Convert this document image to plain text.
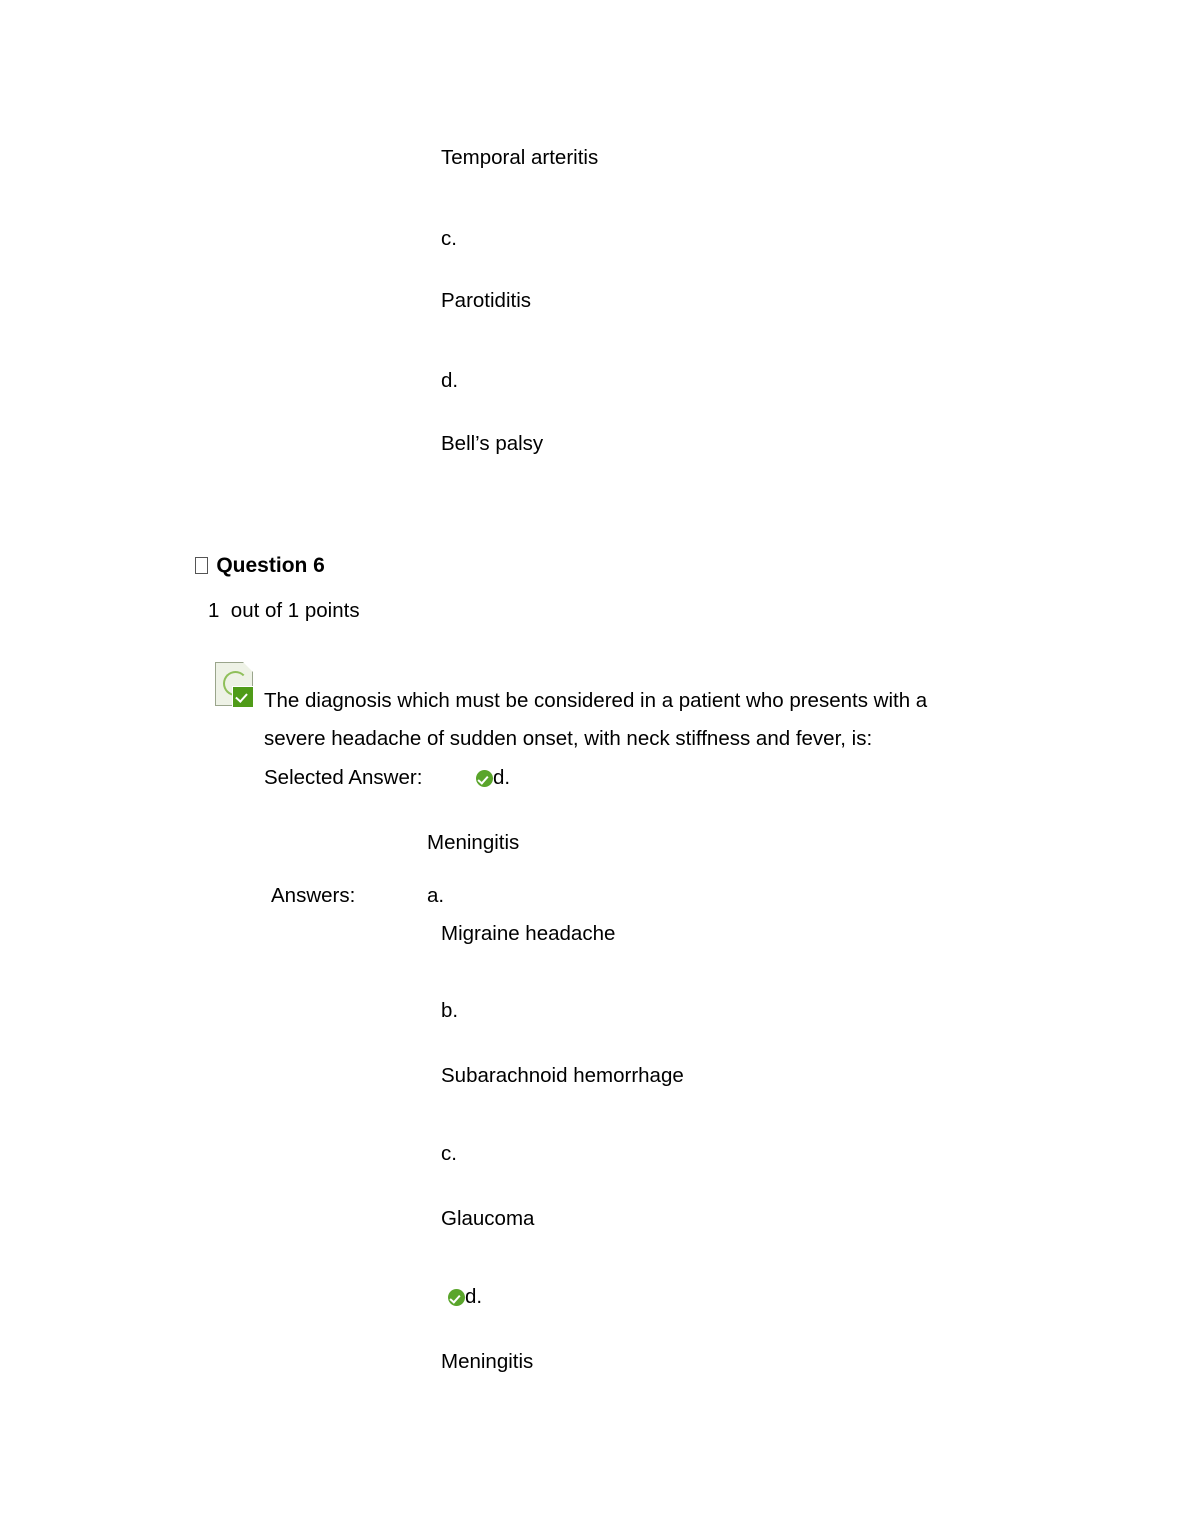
Temporal arteritis
c.
Parotiditis
d.
Bell’s palsy

Question 6

1  out of 1 points
The diagnosis which must be considered in a patient who presents with a
severe headache of sudden onset, with neck stiffness and fever, is:
Selected Answer:	d.
Meningitis
Answers:	a.
Migraine headache
b.
Subarachnoid hemorrhage
c.
Glaucoma
d.
Meningitis
